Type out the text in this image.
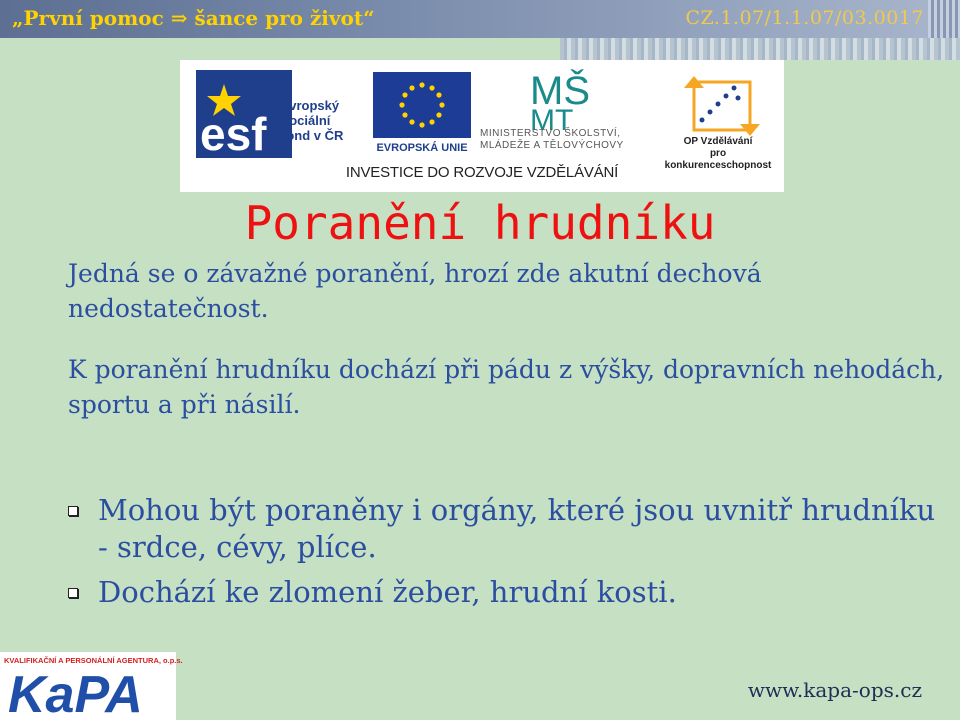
„První pomoc ⇒ šance pro život“	CZ.1.07/1.1.07/03.0017
esf
evropský
sociální
fond v ČR
EVROPSKÁ UNIE
MŠ
MT
MINISTERSTVO ŠKOLSTVÍ,
MLÁDEŽE A TĚLOVÝCHOVY	OP Vzdělávání
pro konkurenceschopnost
INVESTICE DO ROZVOJE VZDĚLÁVÁNÍ
Poranění hrudníku
Jedná se o závažné poranění, hrozí zde akutní dechová nedostatečnost.
K poranění hrudníku dochází při pádu z výšky, dopravních nehodách, sportu a při násilí.
Mohou být poraněny i orgány, které jsou uvnitř hrudníku - srdce, cévy, plíce.
Dochází ke zlomení žeber, hrudní kosti.
KVALIFIKAČNÍ A PERSONÁLNÍ AGENTURA, o.p.s.
KaPA	www.kapa-ops.cz
